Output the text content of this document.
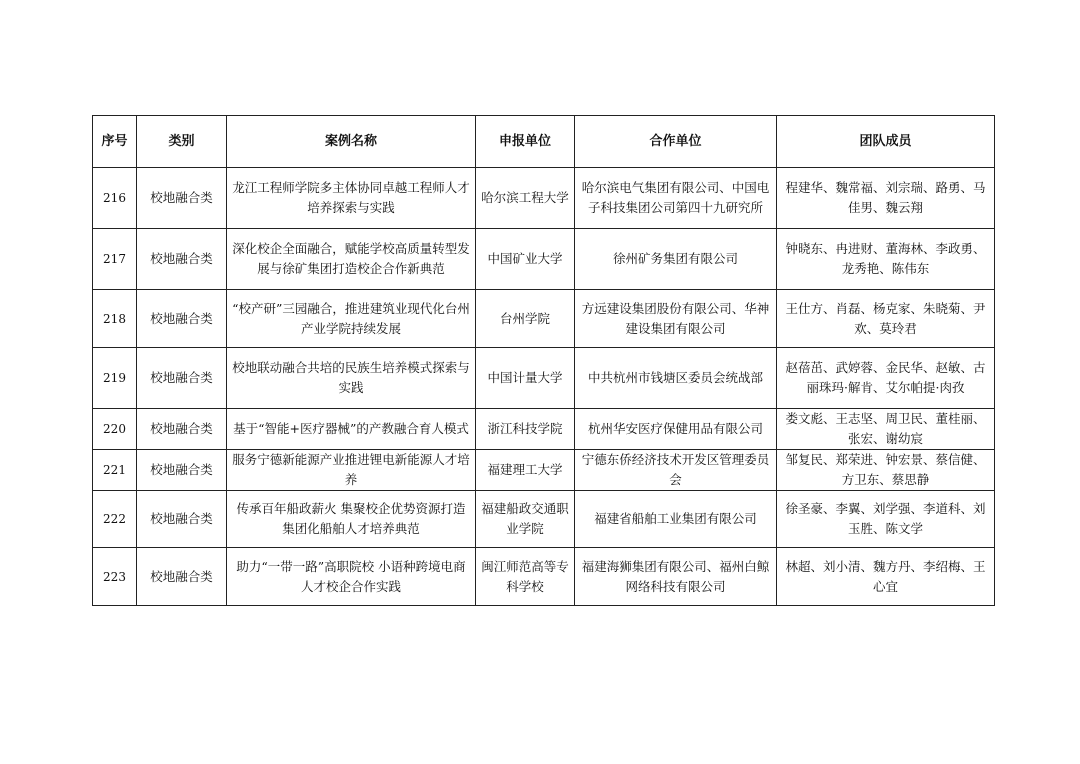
序号	类别	案例名称	申报单位	合作单位	团队成员
216	校地融合类	龙江工程师学院多主体协同卓越工程师人才培养探索与实践	哈尔滨工程大学	哈尔滨电气集团有限公司、中国电子科技集团公司第四十九研究所	程建华、魏常福、刘宗瑞、路勇、马佳男、魏云翔
217	校地融合类	深化校企全面融合，赋能学校高质量转型发展与徐矿集团打造校企合作新典范	中国矿业大学	徐州矿务集团有限公司	钟晓东、冉进财、董海林、李政勇、龙秀艳、陈伟东
218	校地融合类	“校产研”三园融合，推进建筑业现代化台州产业学院持续发展	台州学院	方远建设集团股份有限公司、华神建设集团有限公司	王仕方、肖磊、杨克家、朱晓菊、尹欢、莫玲君
219	校地融合类	校地联动融合共培的民族生培养模式探索与实践	中国计量大学	中共杭州市钱塘区委员会统战部	赵蓓茁、武婷蓉、金民华、赵敏、古丽珠玛·解肯、艾尔帕提·肉孜
220	校地融合类	基于“智能+医疗器械”的产教融合育人模式	浙江科技学院	杭州华安医疗保健用品有限公司	娄文彪、王志坚、周卫民、董桂丽、张宏、谢幼宸
221	校地融合类	服务宁德新能源产业推进锂电新能源人才培养	福建理工大学	宁德东侨经济技术开发区管理委员会	邹复民、郑荣进、钟宏景、蔡信健、方卫东、蔡思静
222	校地融合类	传承百年船政薪火 集聚校企优势资源打造集团化船舶人才培养典范	福建船政交通职业学院	福建省船舶工业集团有限公司	徐圣豪、李翼、刘学强、李道科、刘玉胜、陈文学
223	校地融合类	助力“一带一路”高职院校 小语种跨境电商人才校企合作实践	闽江师范高等专科学校	福建海狮集团有限公司、福州白鲸网络科技有限公司	林超、刘小清、魏方丹、李绍梅、王心宜
